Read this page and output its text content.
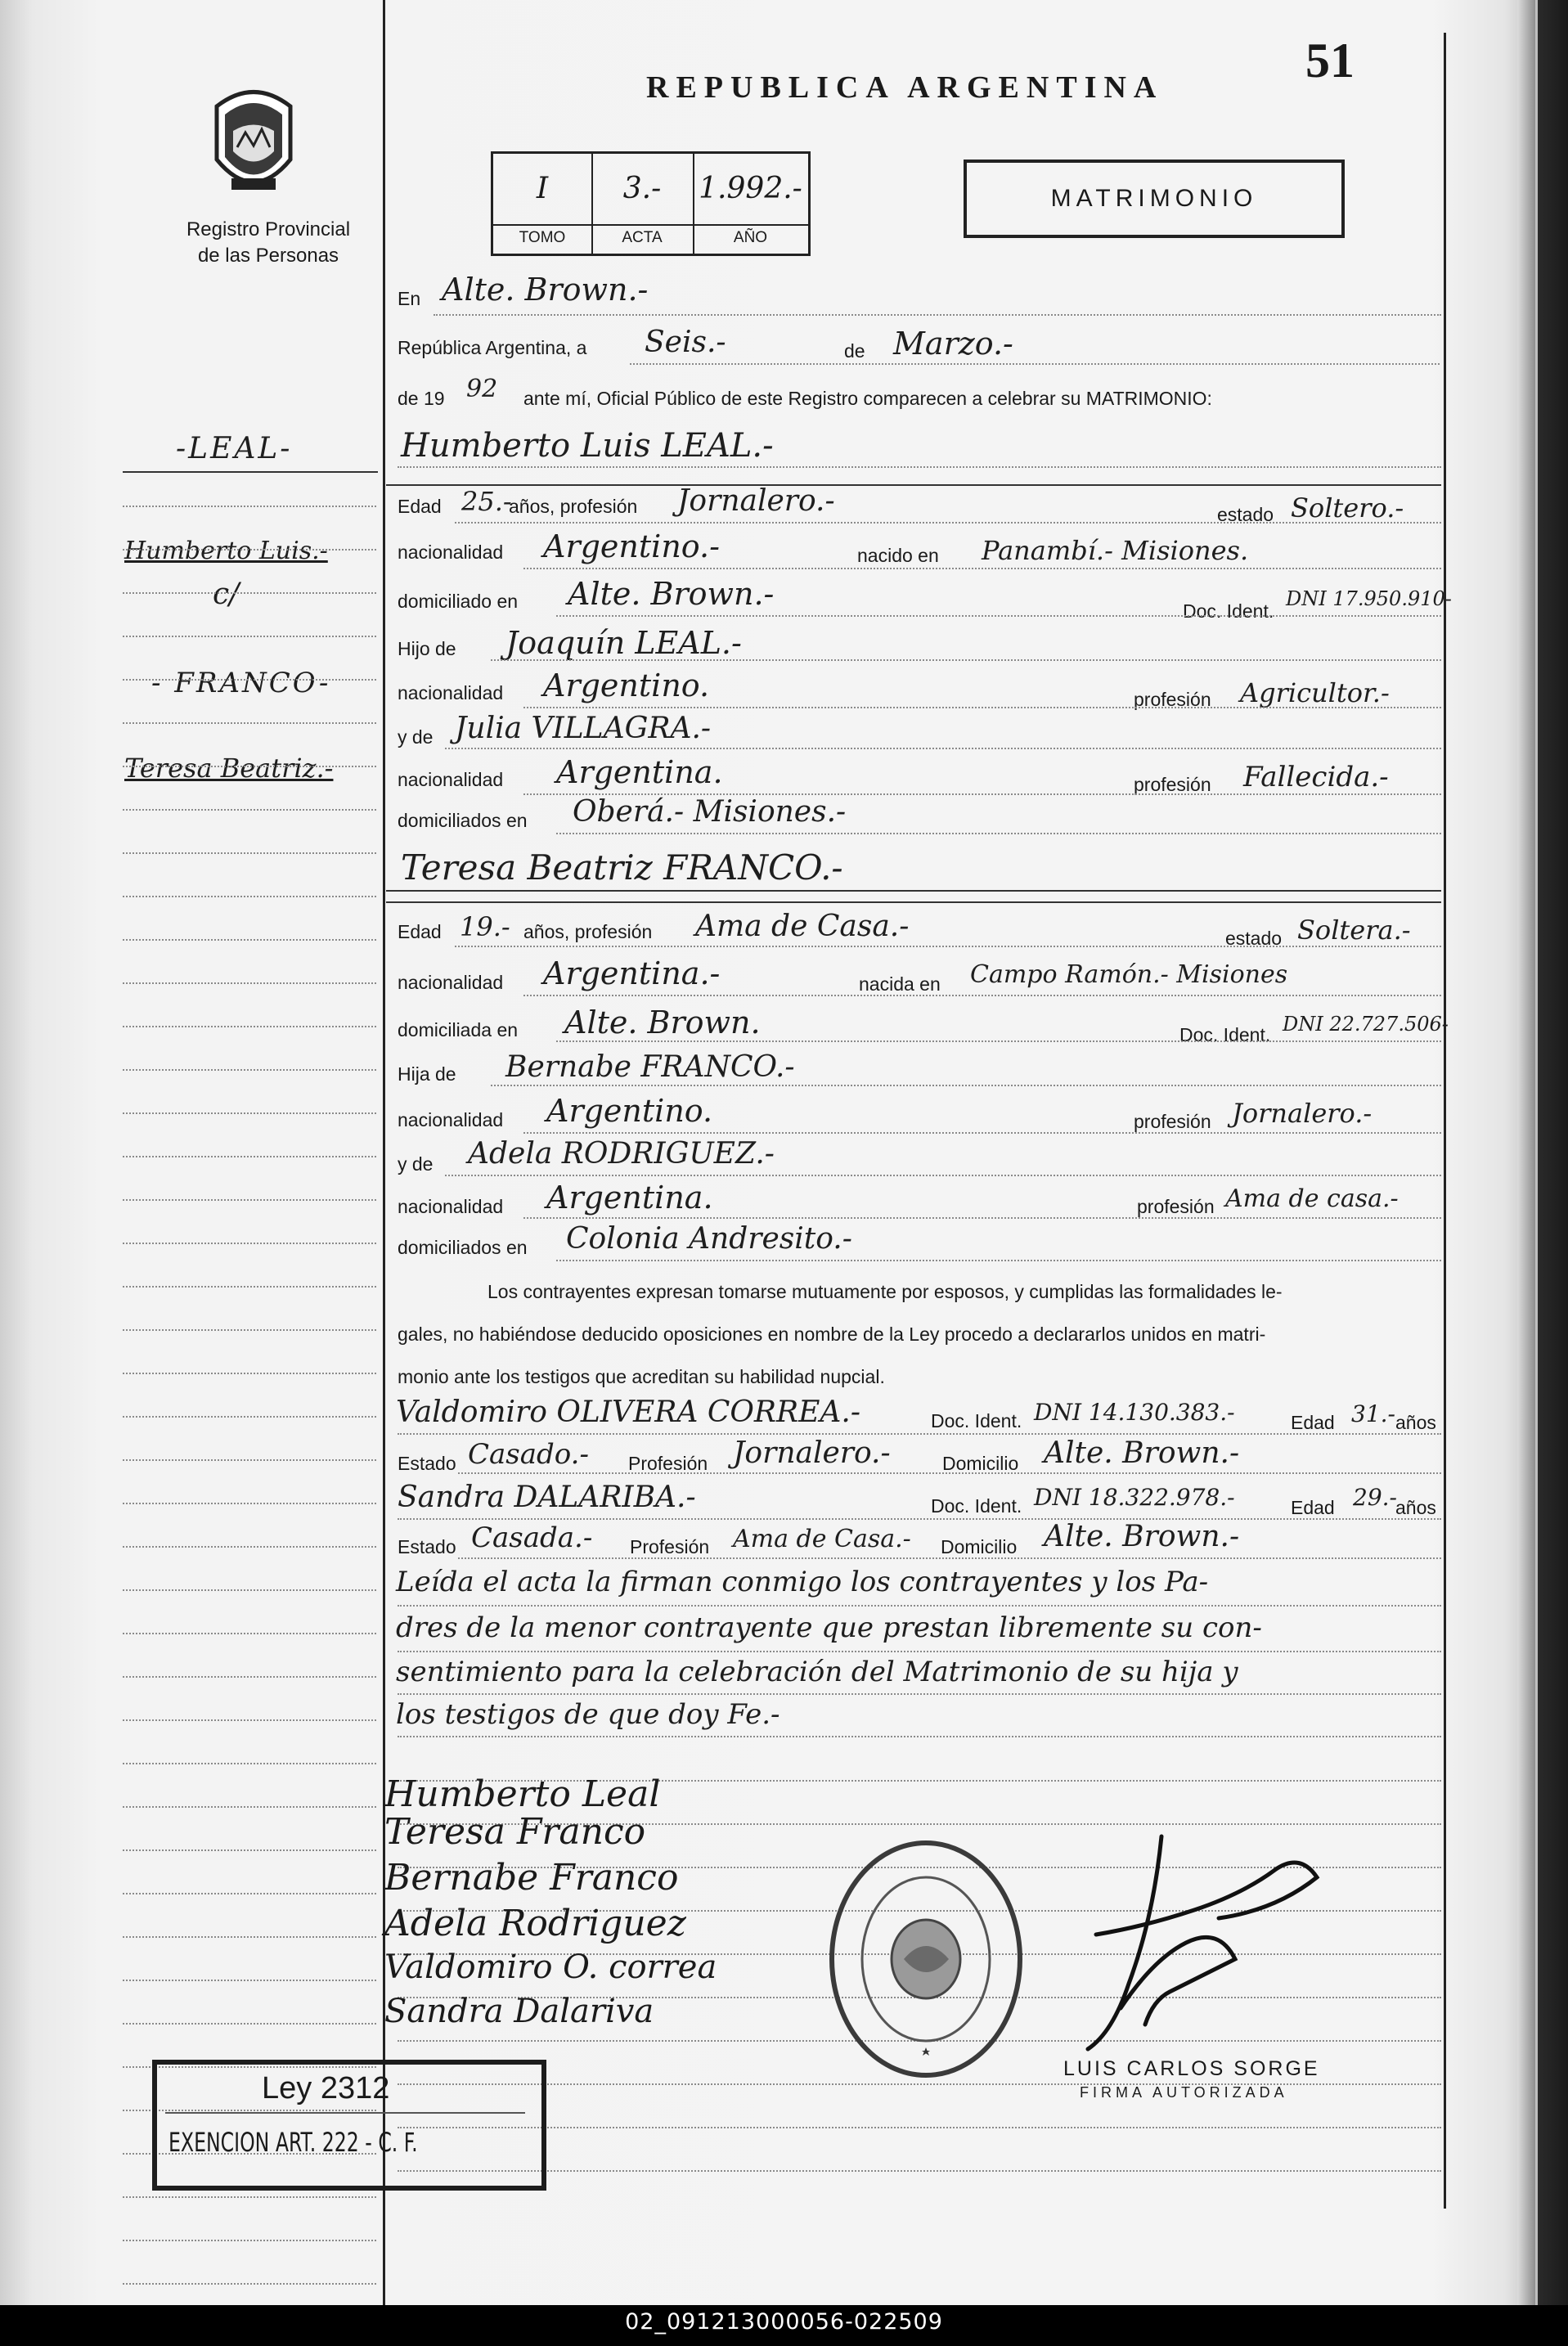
Registro Provincial
de las Personas
REPUBLICA ARGENTINA	51
I
TOMO
3.-
ACTA
1.992.-
AÑO
MATRIMONIO
-LEAL-
Humberto Luis.-
c/
- FRANCO-
Teresa Beatriz.-
En Alte. Brown.-
República Argentina, a Seis.-	de Marzo.-
de 19 92 ante mí, Oficial Público de este Registro comparecen a celebrar su MATRIMONIO:
Humberto Luis LEAL.-
Edad 25.-
años, profesión Jornalero.-	estado Soltero.-
nacionalidad Argentino.-	nacido en Panambí.- Misiones.
domiciliado en Alte. Brown.-	Doc. Ident.
DNI 17.950.910-
Hijo de Joaquín LEAL.-
nacionalidad Argentino.	profesión Agricultor.-
y de Julia VILLAGRA.-
nacionalidad Argentina.	profesión Fallecida.-
domiciliados en Oberá.- Misiones.-
Teresa Beatriz FRANCO.-
Edad 19.- años, profesión Ama de Casa.-	estado Soltera.-
nacionalidad Argentina.-	nacida en Campo Ramón.- Misiones
domiciliada en Alte. Brown.	Doc. Ident. DNI 22.727.506-
Hija de Bernabe FRANCO.-
nacionalidad Argentino.	profesión Jornalero.-
y de Adela RODRIGUEZ.-
nacionalidad Argentina.	profesión Ama de casa.-
domiciliados en Colonia Andresito.-
Los contrayentes expresan tomarse mutuamente por esposos, y cumplidas las formalidades le-
gales, no habiéndose deducido oposiciones en nombre de la Ley procedo a declararlos unidos en matri-
monio ante los testigos que acreditan su habilidad nupcial.
Valdomiro OLIVERA CORREA.-	Doc. Ident. DNI 14.130.383.-	Edad 31.- años
Estado Casado.- Profesión Jornalero.-	Domicilio Alte. Brown.-
Sandra DALARIBA.-	Doc. Ident. DNI 18.322.978.-	Edad 29.-
años
Estado Casada.- Profesión Ama de Casa.- Domicilio Alte. Brown.-
Leída el acta la firman conmigo los contrayentes y los Pa-
dres de la menor contrayente que prestan libremente su con-
sentimiento para la celebración del Matrimonio de su hija y
los testigos de que doy Fe.-
Humberto Leal
Teresa Franco
Bernabe Franco
Adela Rodriguez
Valdomiro O. correa
Sandra Dalariva
LUIS CARLOS SORGE
FIRMA AUTORIZADA
Ley 2312
EXENCION ART. 222 - C. F.
02_091213000056-022509
